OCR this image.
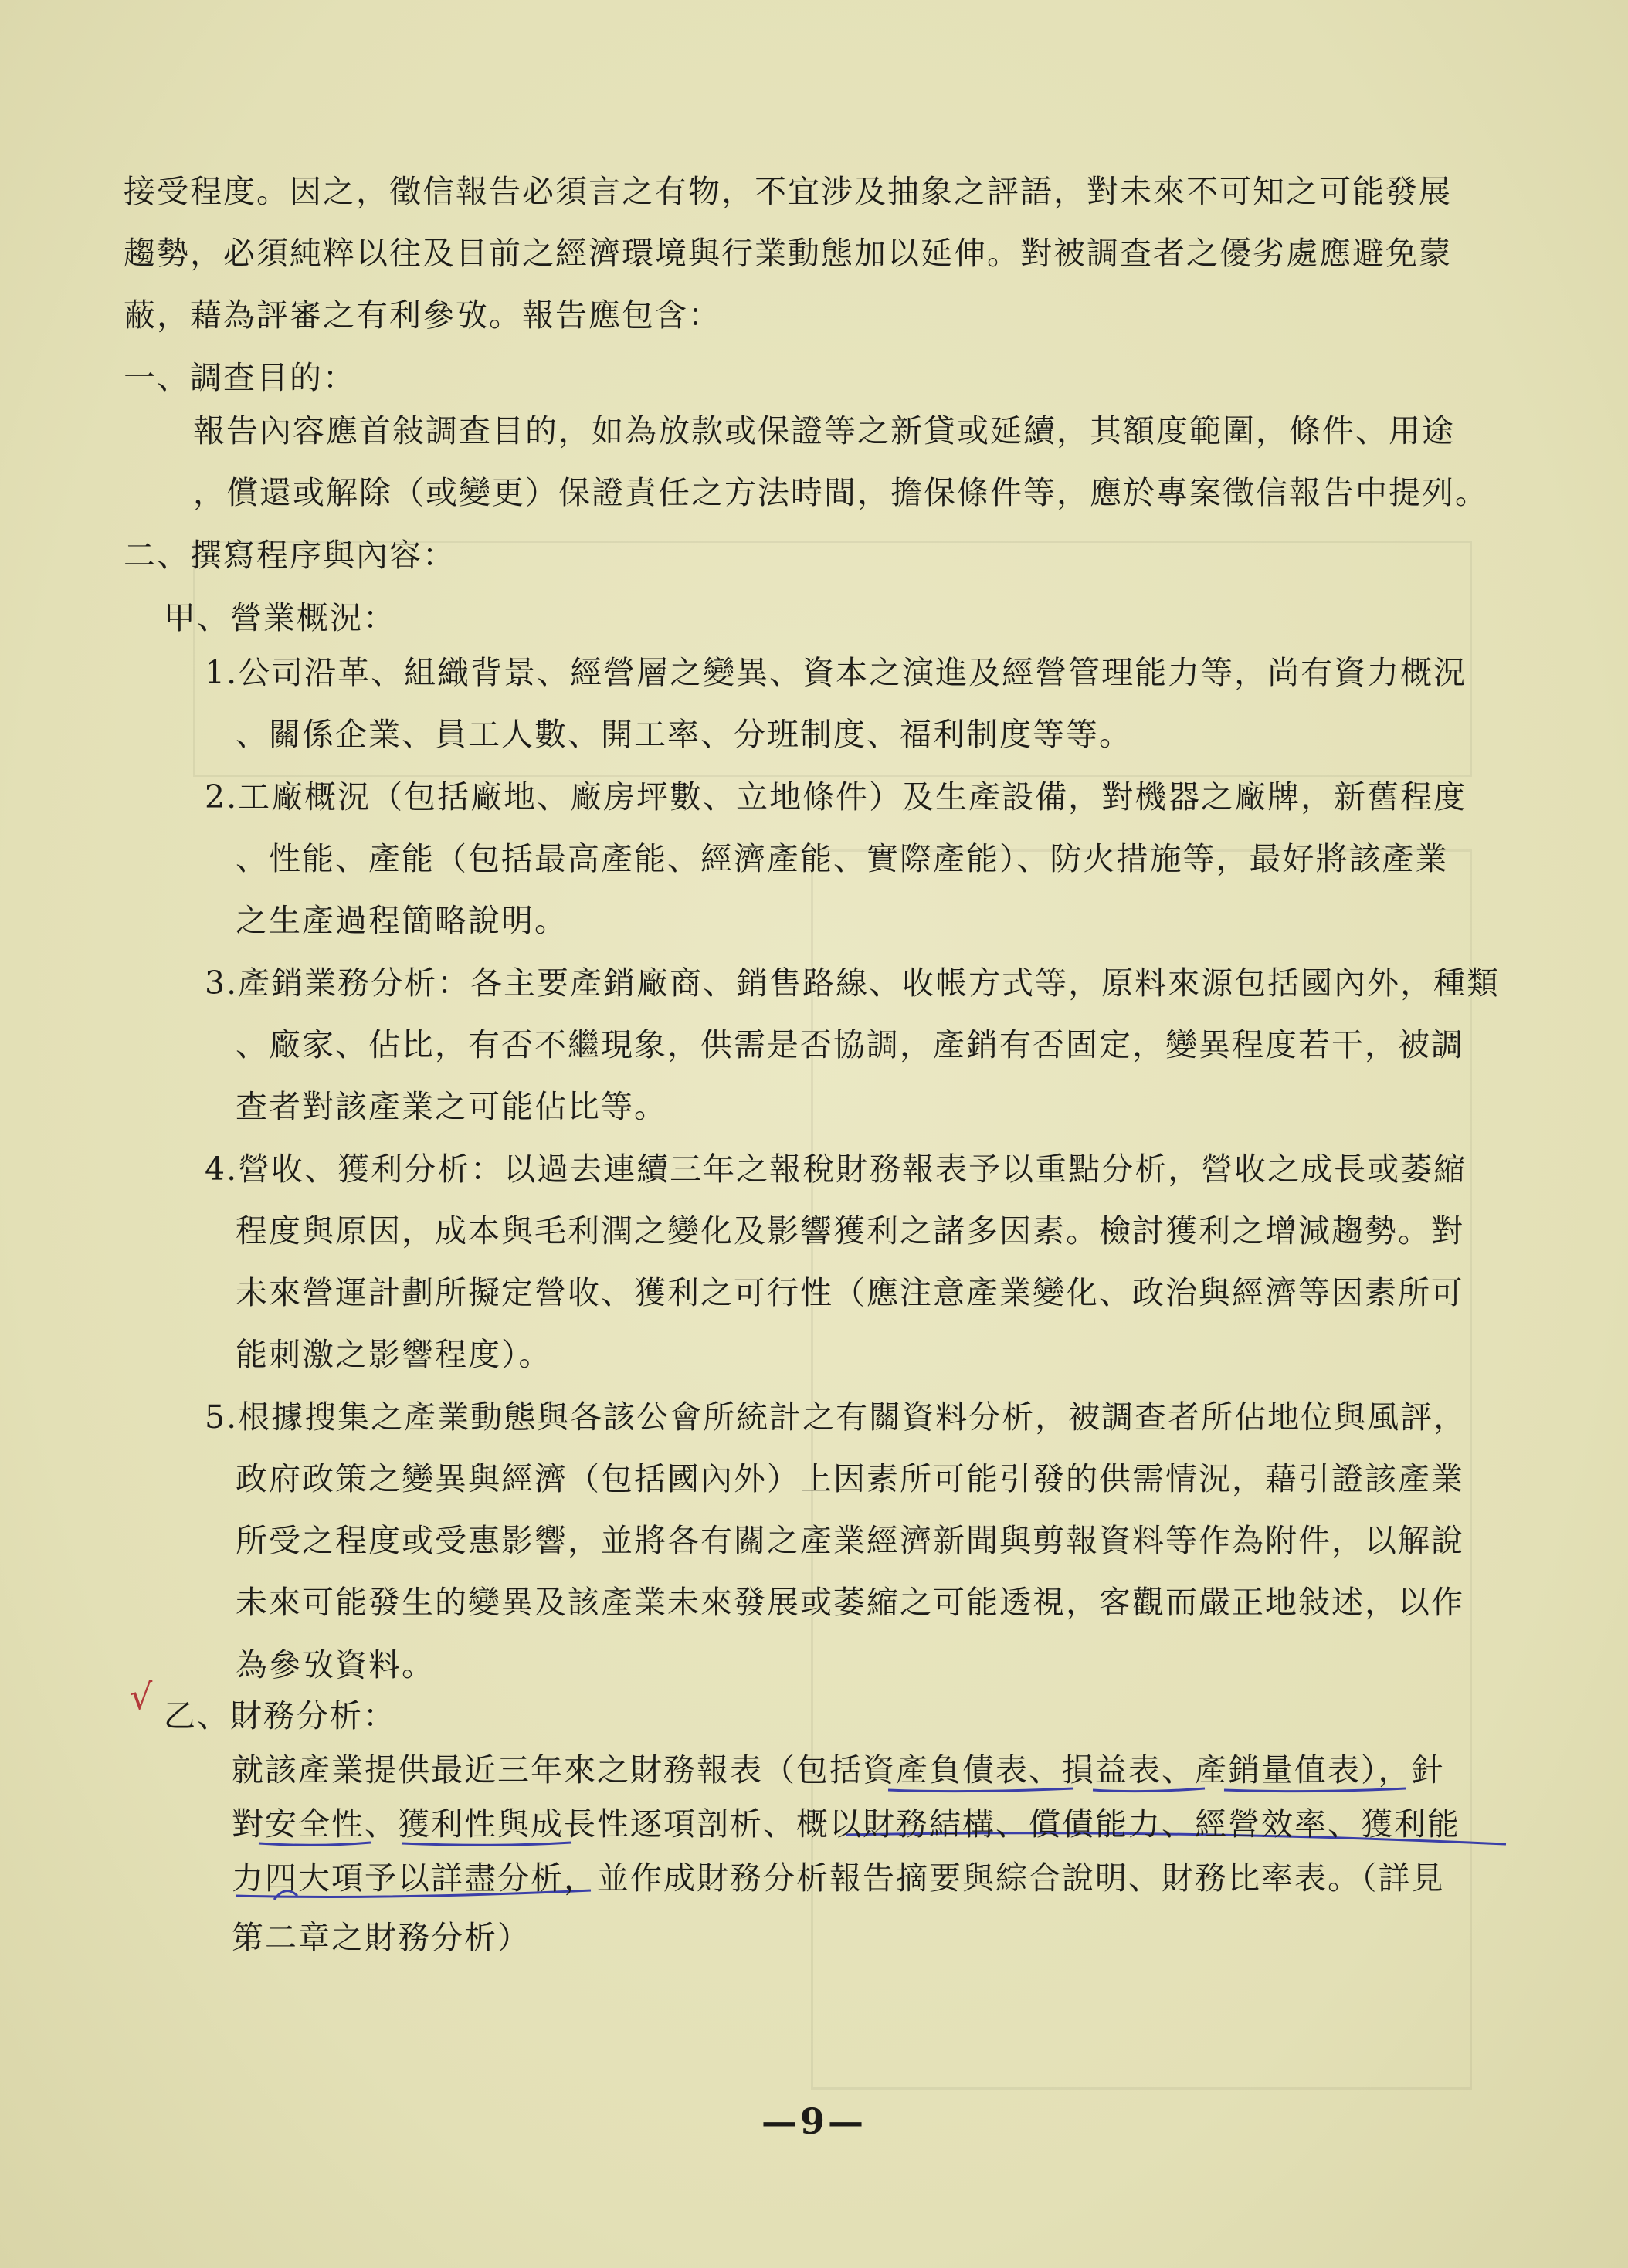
接受程度。因之，徵信報告必須言之有物，不宜涉及抽象之評語，對未來不可知之可能發展
趨勢，必須純粹以往及目前之經濟環境與行業動態加以延伸。對被調查者之優劣處應避免蒙
蔽，藉為評審之有利參攷。報告應包含：
一、調查目的：
報告內容應首敍調查目的，如為放款或保證等之新貸或延續，其額度範圍，條件、用途
，償還或解除（或變更）保證責任之方法時間，擔保條件等，應於專案徵信報告中提列。
二、撰寫程序與內容：
甲、營業概況：
1.公司沿革、組織背景、經營層之變異、資本之演進及經營管理能力等，尚有資力概況
、關係企業、員工人數、開工率、分班制度、福利制度等等。
2.工廠概況（包括廠地、廠房坪數、立地條件）及生產設備，對機器之廠牌，新舊程度
、性能、產能（包括最高產能、經濟產能、實際產能）、防火措施等，最好將該產業
之生產過程簡略說明。
3.產銷業務分析：各主要產銷廠商、銷售路線、收帳方式等，原料來源包括國內外，種類
、廠家、佔比，有否不繼現象，供需是否協調，產銷有否固定，變異程度若干，被調
查者對該產業之可能佔比等。
4.營收、獲利分析：以過去連續三年之報稅財務報表予以重點分析，營收之成長或萎縮
程度與原因，成本與毛利潤之變化及影響獲利之諸多因素。檢討獲利之增減趨勢。對
未來營運計劃所擬定營收、獲利之可行性（應注意產業變化、政治與經濟等因素所可
能刺激之影響程度）。
5.根據搜集之產業動態與各該公會所統計之有關資料分析，被調查者所佔地位與風評，
政府政策之變異與經濟（包括國內外）上因素所可能引發的供需情況，藉引證該產業
所受之程度或受惠影響，並將各有關之產業經濟新聞與剪報資料等作為附件，以解說
未來可能發生的變異及該產業未來發展或萎縮之可能透視，客觀而嚴正地敍述，以作
為參攷資料。
√ 乙、財務分析：
就該產業提供最近三年來之財務報表（包括資產負債表、損益表、產銷量值表），針
對安全性、獲利性與成長性逐項剖析、概以財務結構、償債能力、經營效率、獲利能
力四大項予以詳盡分析，並作成財務分析報告摘要與綜合說明、財務比率表。（詳見
第二章之財務分析）
—9—
